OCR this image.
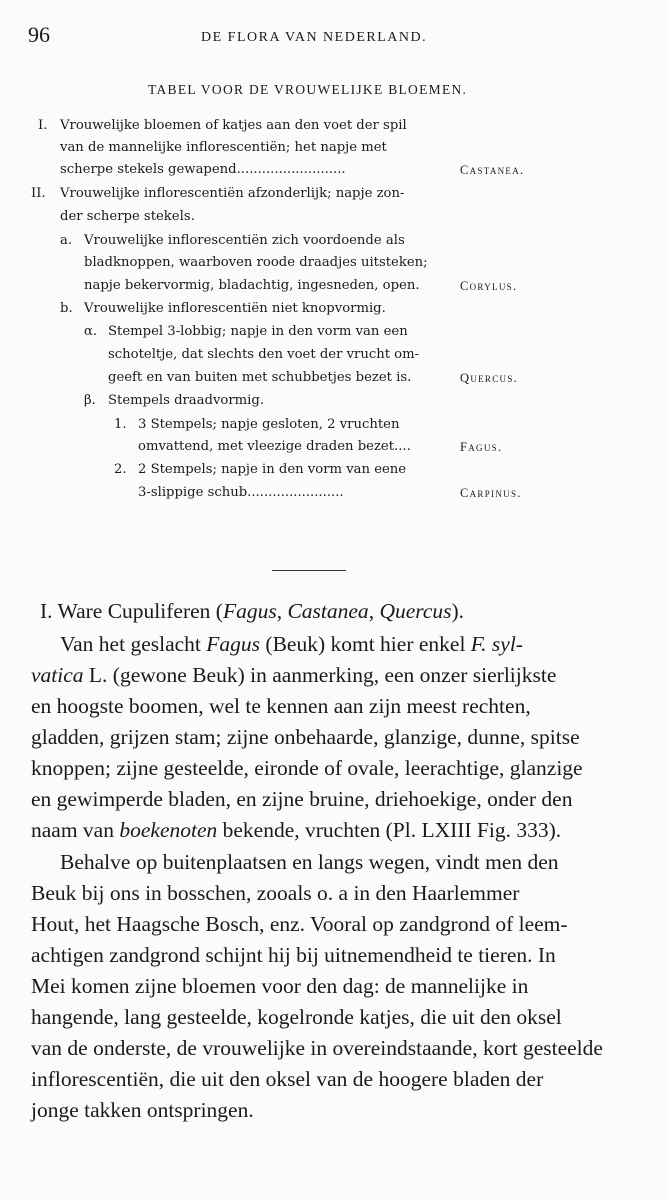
96	DE FLORA VAN NEDERLAND.
TABEL VOOR DE VROUWELIJKE BLOEMEN.
I. Vrouwelijke bloemen of katjes aan den voet der spil
van de mannelijke inflorescentiën; het napje met
scherpe stekels gewapend..........................	Castanea.
II. Vrouwelijke inflorescentiën afzonderlijk; napje zon-
der scherpe stekels.
a. Vrouwelijke inflorescentiën zich voordoende als
bladknoppen, waarboven roode draadjes uitsteken;
napje bekervormig, bladachtig, ingesneden, open.	Corylus.
b. Vrouwelijke inflorescentiën niet knopvormig.
α. Stempel 3-lobbig; napje in den vorm van een
schoteltje, dat slechts den voet der vrucht om-
geeft en van buiten met schubbetjes bezet is.	Quercus.
β. Stempels draadvormig.
1. 3 Stempels; napje gesloten, 2 vruchten
omvattend, met vleezige draden bezet....	Fagus.
2. 2 Stempels; napje in den vorm van eene
3-slippige schub.......................	Carpinus.
I. Ware Cupuliferen (Fagus, Castanea, Quercus).
Van het geslacht Fagus (Beuk) komt hier enkel F. syl-
vatica L. (gewone Beuk) in aanmerking, een onzer sierlijkste
en hoogste boomen, wel te kennen aan zijn meest rechten,
gladden, grijzen stam; zijne onbehaarde, glanzige, dunne, spitse
knoppen; zijne gesteelde, eironde of ovale, leerachtige, glanzige
en gewimperde bladen, en zijne bruine, driehoekige, onder den
naam van boekenoten bekende, vruchten (Pl. LXIII Fig. 333).
Behalve op buitenplaatsen en langs wegen, vindt men den
Beuk bij ons in bosschen, zooals o. a in den Haarlemmer
Hout, het Haagsche Bosch, enz. Vooral op zandgrond of leem-
achtigen zandgrond schijnt hij bij uitnemendheid te tieren. In
Mei komen zijne bloemen voor den dag: de mannelijke in
hangende, lang gesteelde, kogelronde katjes, die uit den oksel
van de onderste, de vrouwelijke in overeindstaande, kort gesteelde
inflorescentiën, die uit den oksel van de hoogere bladen der
jonge takken ontspringen.
